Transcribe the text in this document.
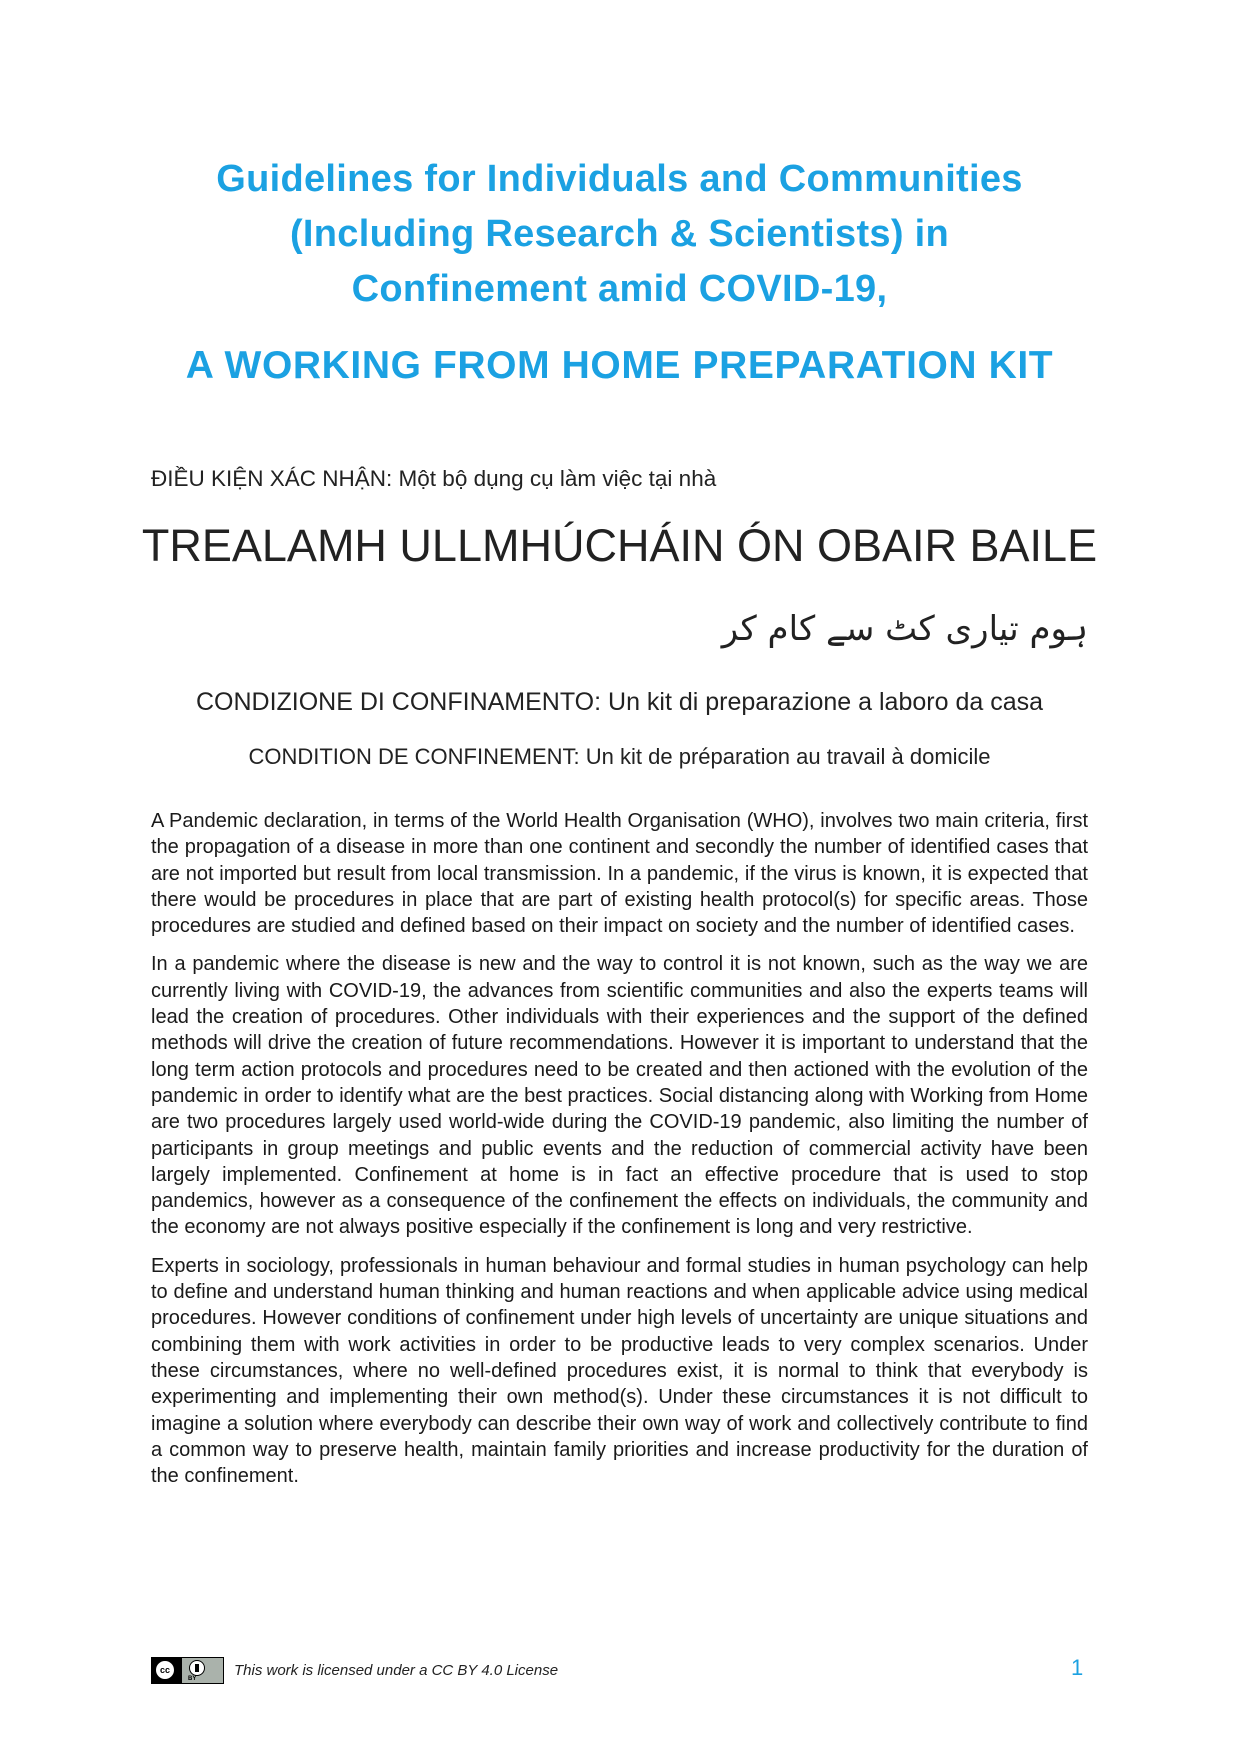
Guidelines for Individuals and Communities
(Including Research & Scientists) in
Confinement amid COVID-19,
A WORKING FROM HOME PREPARATION KIT
ĐIỀU KIỆN XÁC NHẬN: Một bộ dụng cụ làm việc tại nhà
TREALAMH ULLMHÚCHÁIN ÓN OBAIR BAILE
ہوم تیاری کٹ سے کام کر
CONDIZIONE DI CONFINAMENTO: Un kit di preparazione a laboro da casa
CONDITION DE CONFINEMENT: Un kit de préparation au travail à domicile

A Pandemic declaration, in terms of the World Health Organisation (WHO), involves two main criteria, first the propagation of a disease in more than one continent and secondly the number of identified cases that are not imported but result from local transmission. In a pandemic, if the virus is known, it is expected that there would be procedures in place that are part of existing health protocol(s) for specific areas. Those procedures are studied and defined based on their impact on society and the number of identified cases.

In a pandemic where the disease is new and the way to control it is not known, such as the way we are currently living with COVID-19, the advances from scientific communities and also the experts teams will lead the creation of procedures. Other individuals with their experiences and the support of the defined methods will drive the creation of future recommendations. However it is important to understand that the long term action protocols and procedures need to be created and then actioned with the evolution of the pandemic in order to identify what are the best practices. Social distancing along with Working from Home are two procedures largely used world-wide during the COVID-19 pandemic, also limiting the number of participants in group meetings and public events and the reduction of commercial activity have been largely implemented. Confinement at home is in fact an effective procedure that is used to stop pandemics, however as a consequence of the confinement the effects on individuals, the community and the economy are not always positive especially if the confinement is long and very restrictive.

Experts in sociology, professionals in human behaviour and formal studies in human psychology can help to define and understand human thinking and human reactions and when applicable advice using medical procedures. However conditions of confinement under high levels of uncertainty are unique situations and combining them with work activities in order to be productive leads to very complex scenarios. Under these circumstances, where no well-defined procedures exist, it is normal to think that everybody is experimenting and implementing their own method(s). Under these circumstances it is not difficult to imagine a solution where everybody can describe their own way of work and collectively contribute to find a common way to preserve health, maintain family priorities and increase productivity for the duration of the confinement.

cc
BY	This work is licensed under a CC BY 4.0 License	1
